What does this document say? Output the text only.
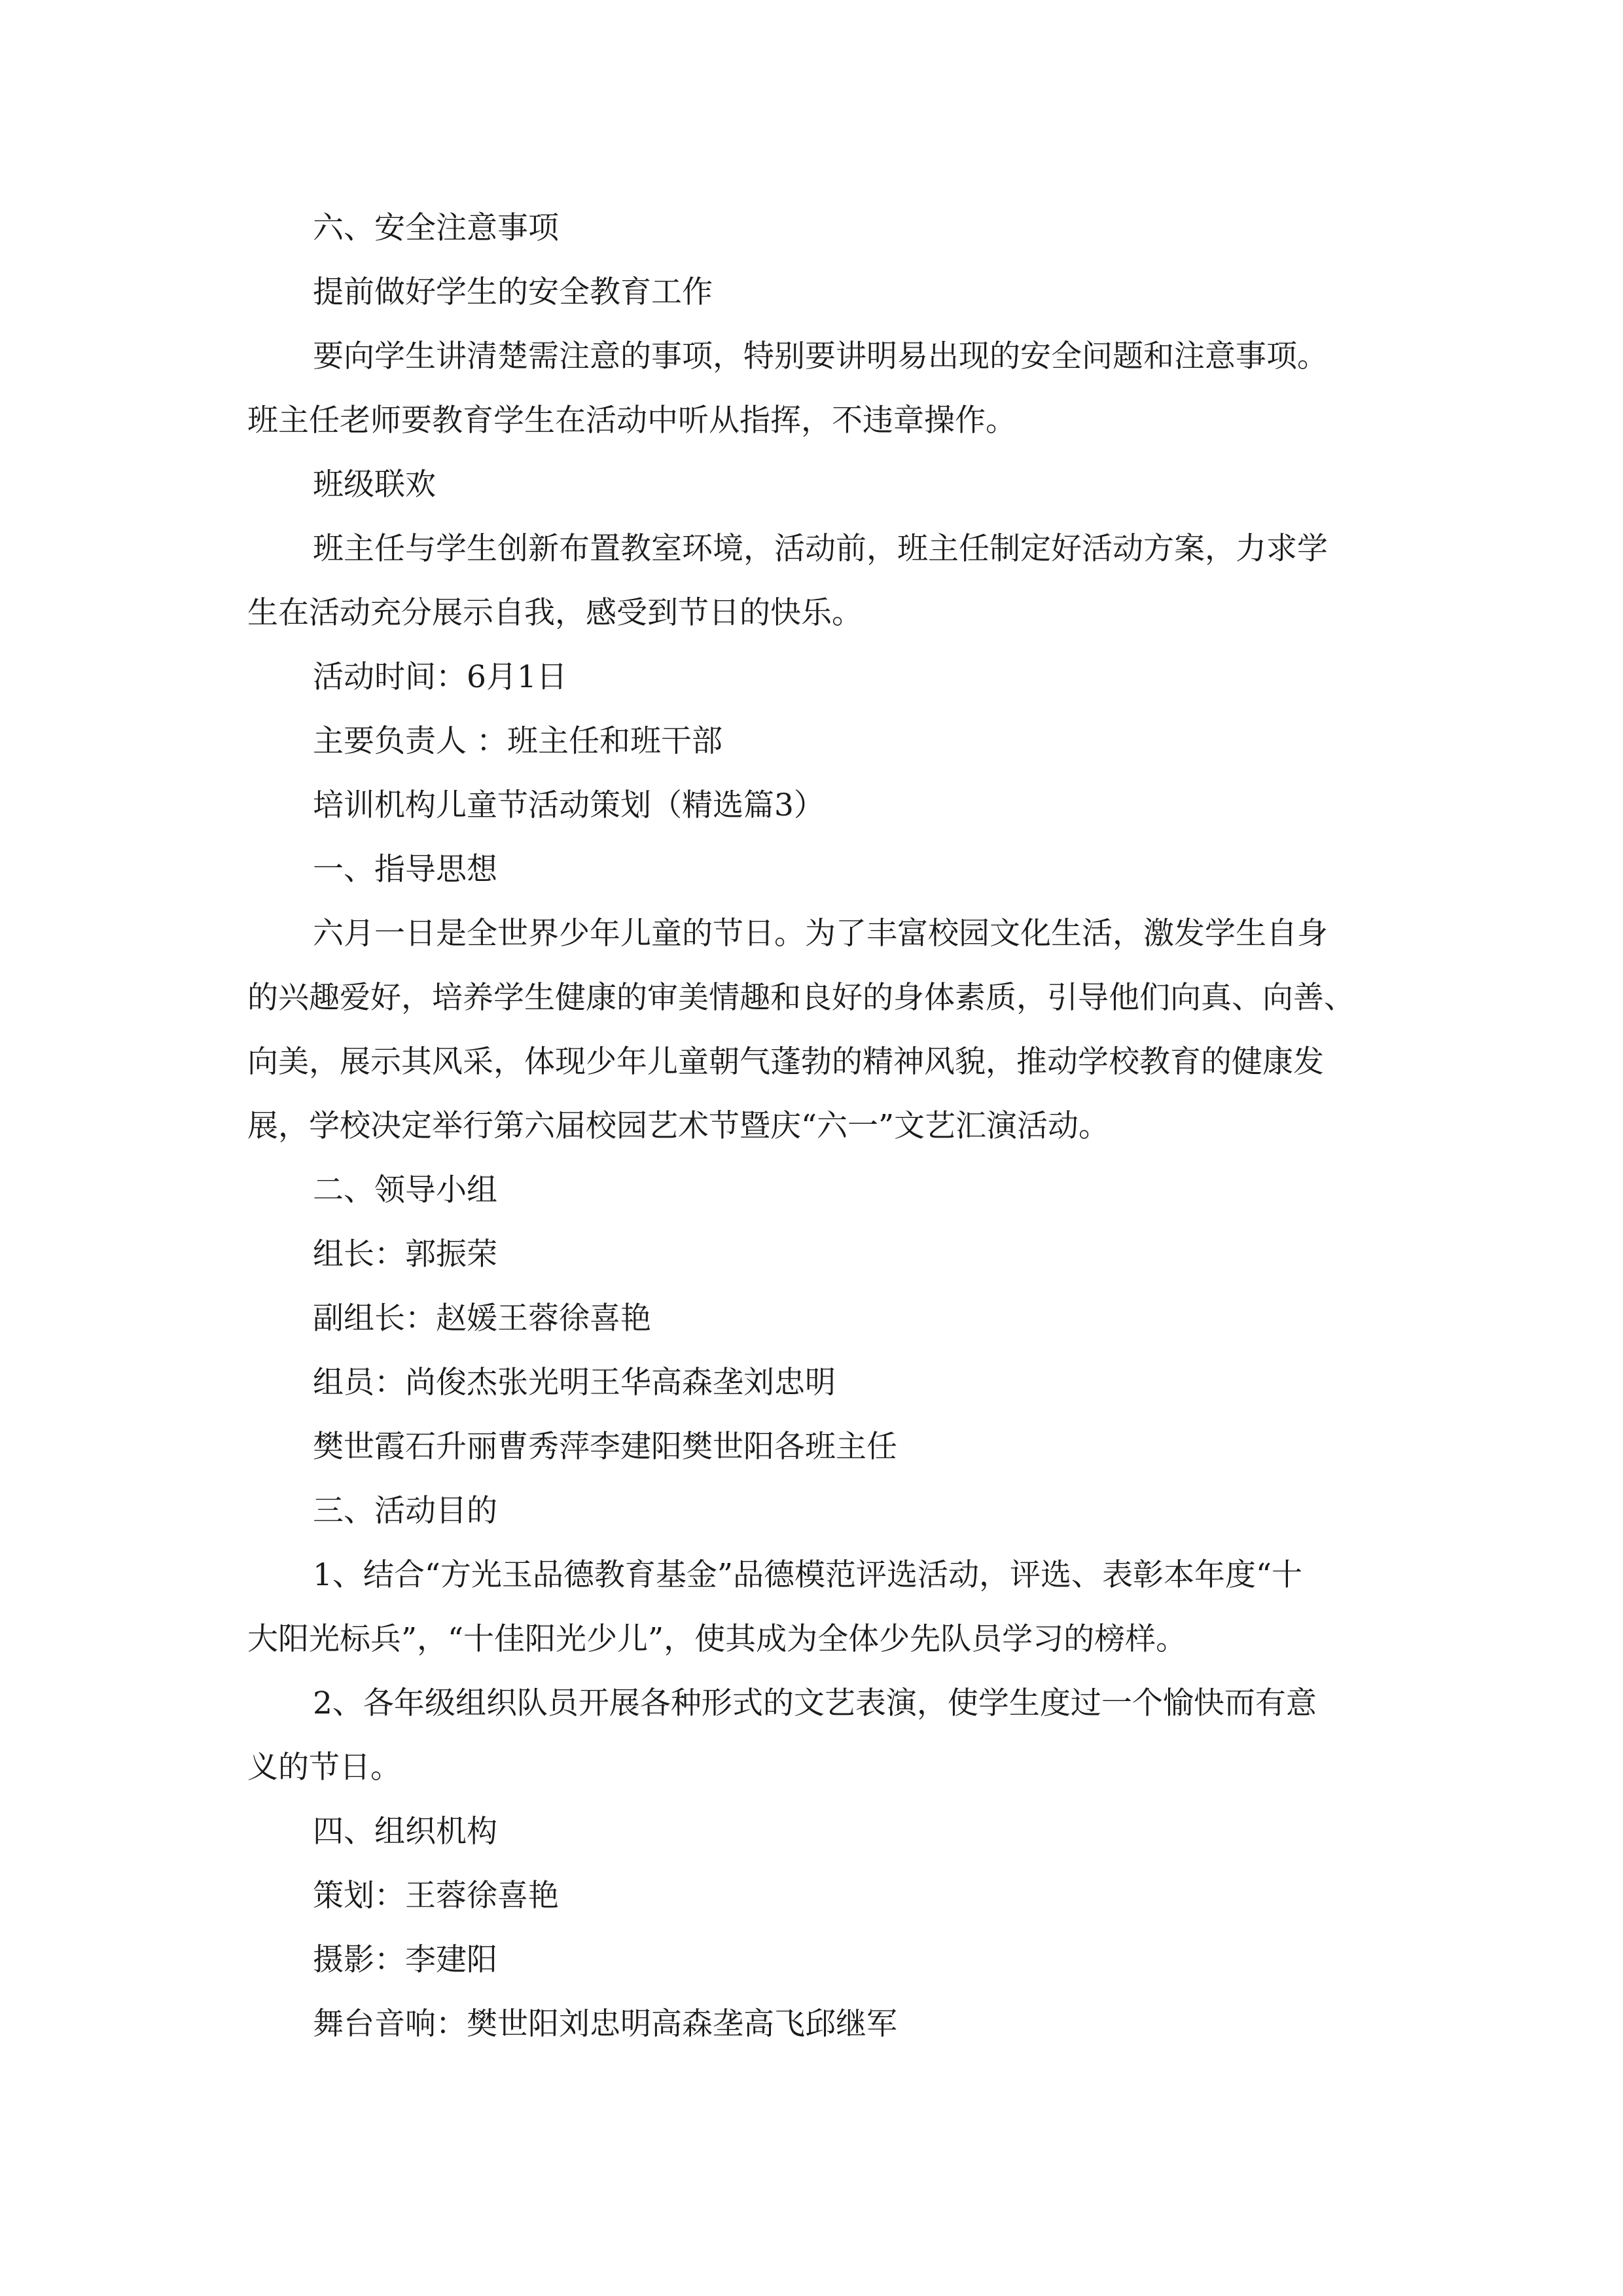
六、安全注意事项
提前做好学生的安全教育工作
要向学生讲清楚需注意的事项，特别要讲明易出现的安全问题和注意事项。
班主任老师要教育学生在活动中听从指挥，不违章操作。
班级联欢
班主任与学生创新布置教室环境，活动前，班主任制定好活动方案，力求学
生在活动充分展示自我，感受到节日的快乐。
活动时间：6月1日
主要负责人 ：班主任和班干部
培训机构儿童节活动策划（精选篇3）
一、指导思想
六月一日是全世界少年儿童的节日。为了丰富校园文化生活，激发学生自身
的兴趣爱好，培养学生健康的审美情趣和良好的身体素质，引导他们向真、向善、
向美，展示其风采，体现少年儿童朝气蓬勃的精神风貌，推动学校教育的健康发
展，学校决定举行第六届校园艺术节暨庆“六一”文艺汇演活动。
二、领导小组
组长：郭振荣
副组长：赵媛王蓉徐喜艳
组员：尚俊杰张光明王华高森垄刘忠明
樊世霞石升丽曹秀萍李建阳樊世阳各班主任
三、活动目的
1、结合“方光玉品德教育基金”品德模范评选活动，评选、表彰本年度“十
大阳光标兵”，“十佳阳光少儿”，使其成为全体少先队员学习的榜样。
2、各年级组织队员开展各种形式的文艺表演，使学生度过一个愉快而有意
义的节日。
四、组织机构
策划：王蓉徐喜艳
摄影：李建阳
舞台音响：樊世阳刘忠明高森垄高飞邱继军
